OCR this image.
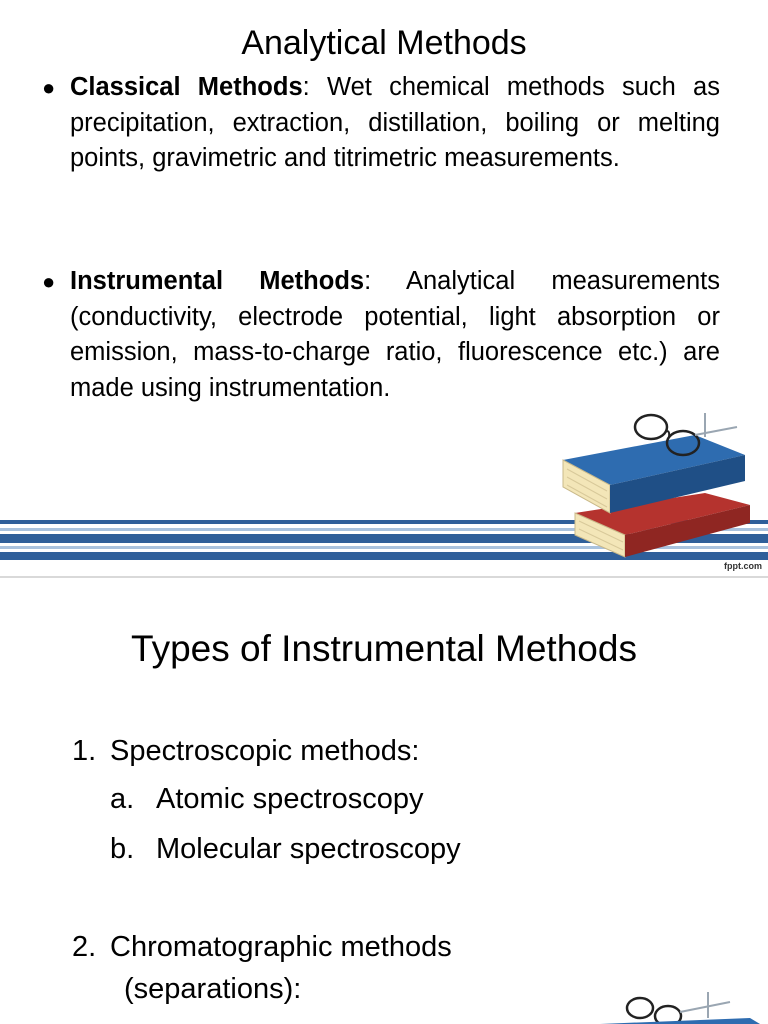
Analytical Methods
● Classical Methods: Wet chemical methods such as precipitation, extraction, distillation, boiling or melting points, gravimetric and titrimetric measurements.
● Instrumental Methods: Analytical measurements (conductivity, electrode potential, light absorption or emission, mass-to-charge ratio, fluorescence etc.) are made using instrumentation.
fppt.com
Types of Instrumental Methods
1. Spectroscopic methods:
a. Atomic spectroscopy
b. Molecular spectroscopy
2. Chromatographic methods
(separations):
